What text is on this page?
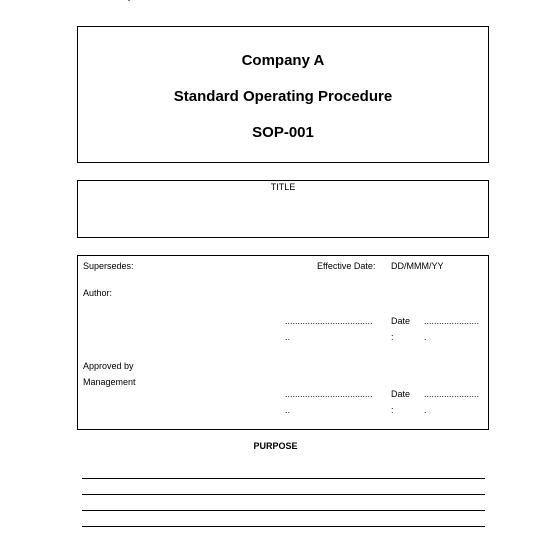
Company A
Standard Operating Procedure
SOP-001
TITLE
Supersedes:	Effective Date: DD/MMM/YY
Author:
...................................
..
Date
:
......................
.
Approved by
Management
...................................
..
Date
:
......................
.
PURPOSE
